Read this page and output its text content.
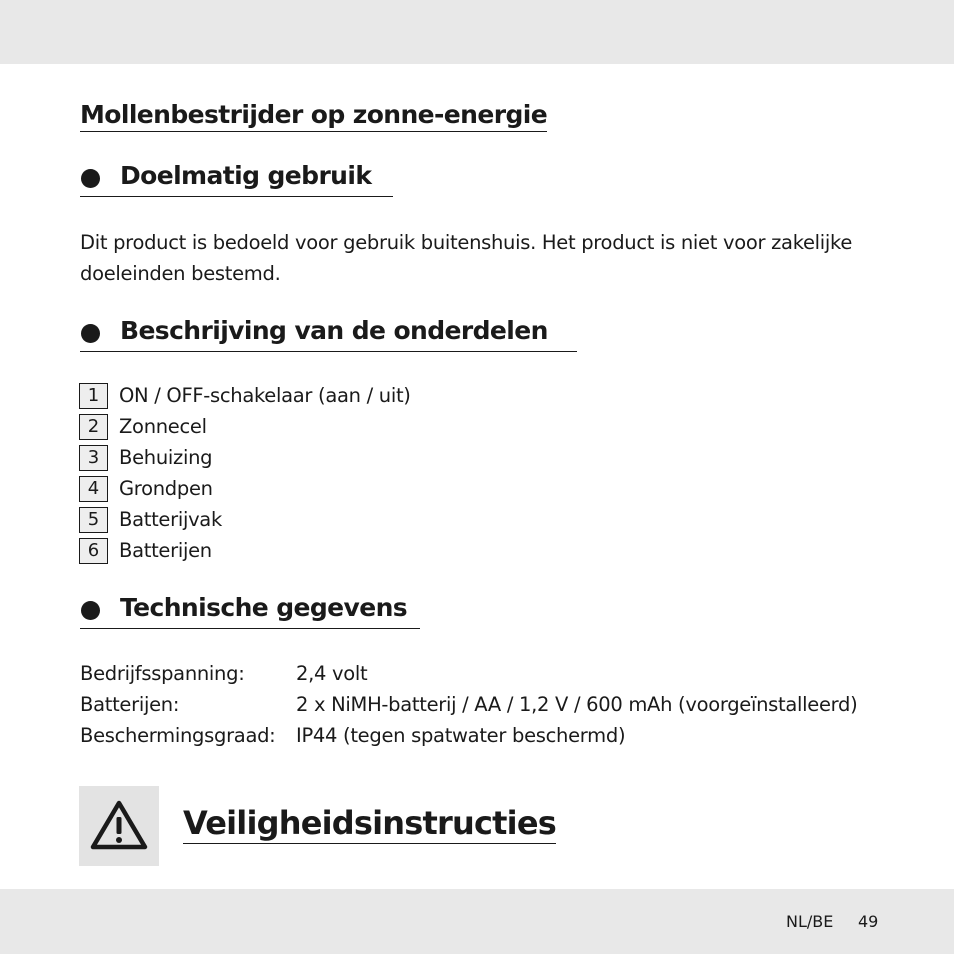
Mollenbestrijder op zonne-energie
Doelmatig gebruik
Dit product is bedoeld voor gebruik buitenshuis. Het product is niet voor zakelijke doeleinden bestemd.
Beschrijving van de onderdelen
1	ON / OFF-schakelaar (aan / uit)
2	Zonnecel
3	Behuizing
4	Grondpen
5	Batterijvak
6	Batterijen
Technische gegevens
Bedrijfsspanning:	2,4 volt
Batterijen:	2 x NiMH-batterij / AA / 1,2 V / 600 mAh (voorgeïnstalleerd)
Beschermingsgraad: IP44 (tegen spatwater beschermd)
Veiligheidsinstructies
NL/BE 49
